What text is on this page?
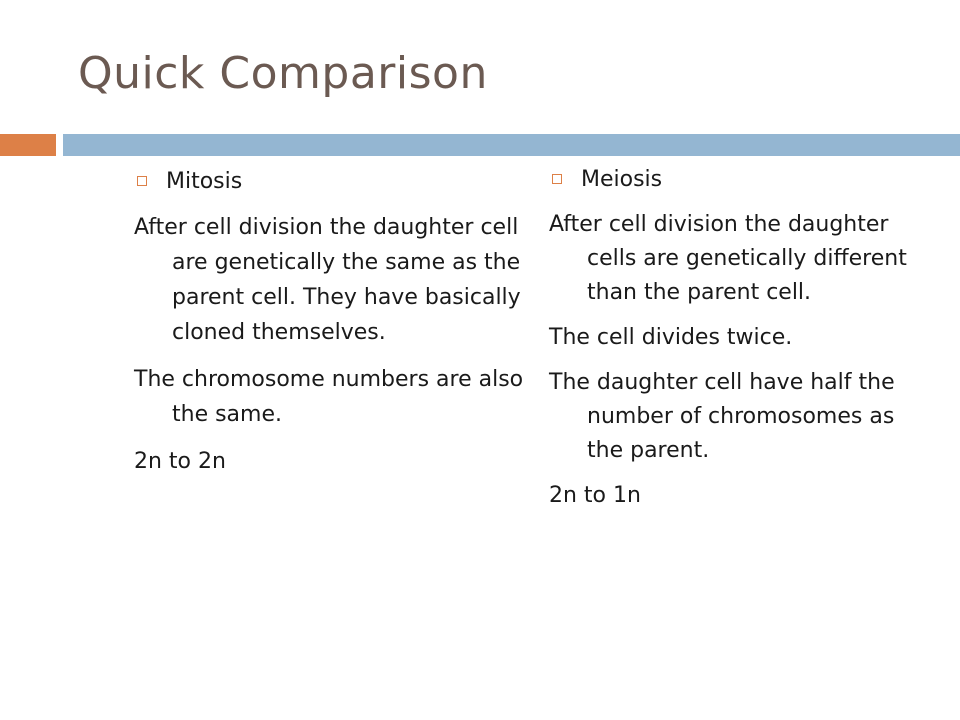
Quick Comparison
Mitosis

After cell division the daughter cell are genetically the same as the parent cell. They have basically cloned themselves.

The chromosome numbers are also the same.

2n to 2n

Meiosis

After cell division the daughter cells are genetically different than the parent cell.

The cell divides twice.

The daughter cell have half the number of chromosomes as the parent.

2n to 1n
